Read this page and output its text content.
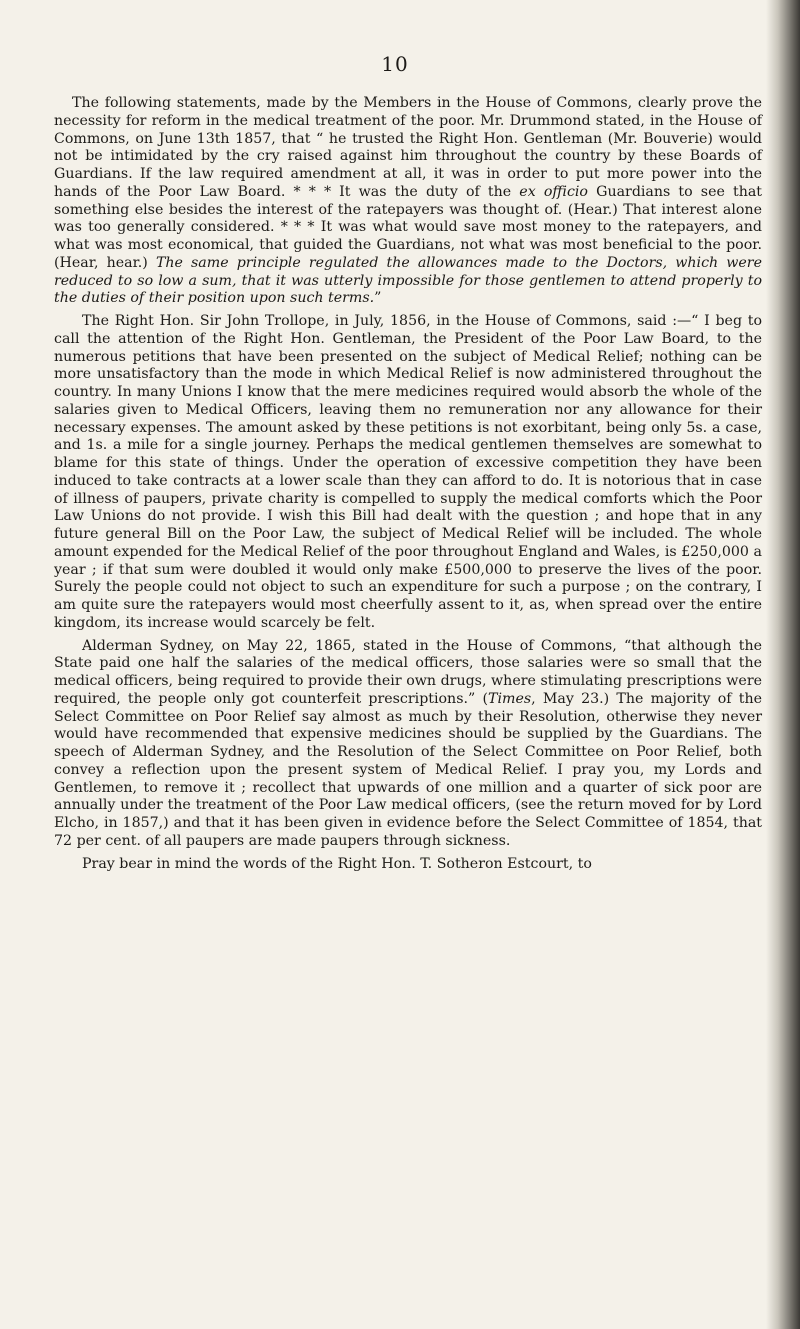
10

The following statements, made by the Members in the House of Commons, clearly prove the necessity for reform in the medical treatment of the poor. Mr. Drummond stated, in the House of Commons, on June 13th 1857, that “ he trusted the Right Hon. Gentleman (Mr. Bouverie) would not be intimidated by the cry raised against him throughout the country by these Boards of Guardians. If the law required amendment at all, it was in order to put more power into the hands of the Poor Law Board. * * * It was the duty of the ex officio Guardians to see that something else besides the interest of the ratepayers was thought of. (Hear.) That interest alone was too generally considered. * * * It was what would save most money to the ratepayers, and what was most economical, that guided the Guardians, not what was most beneficial to the poor. (Hear, hear.) The same principle regulated the allowances made to the Doctors, which were reduced to so low a sum, that it was utterly impossible for those gentlemen to attend properly to the duties of their position upon such terms.”

The Right Hon. Sir John Trollope, in July, 1856, in the House of Commons, said :—“ I beg to call the attention of the Right Hon. Gentleman, the President of the Poor Law Board, to the numerous petitions that have been presented on the subject of Medical Relief; nothing can be more unsatisfactory than the mode in which Medical Relief is now administered throughout the country. In many Unions I know that the mere medicines required would absorb the whole of the salaries given to Medical Officers, leaving them no remuneration nor any allowance for their necessary expenses. The amount asked by these petitions is not exorbitant, being only 5s. a case, and 1s. a mile for a single journey. Perhaps the medical gentlemen themselves are somewhat to blame for this state of things. Under the operation of excessive competition they have been induced to take contracts at a lower scale than they can afford to do. It is notorious that in case of illness of paupers, private charity is compelled to supply the medical comforts which the Poor Law Unions do not provide. I wish this Bill had dealt with the question ; and hope that in any future general Bill on the Poor Law, the subject of Medical Relief will be included. The whole amount expended for the Medical Relief of the poor throughout England and Wales, is £250,000 a year ; if that sum were doubled it would only make £500,000 to preserve the lives of the poor. Surely the people could not object to such an expenditure for such a purpose ; on the contrary, I am quite sure the ratepayers would most cheerfully assent to it, as, when spread over the entire kingdom, its increase would scarcely be felt.

Alderman Sydney, on May 22, 1865, stated in the House of Commons, “that although the State paid one half the salaries of the medical officers, those salaries were so small that the medical officers, being required to provide their own drugs, where stimulating prescriptions were required, the people only got counterfeit prescriptions.” (Times, May 23.) The majority of the Select Committee on Poor Relief say almost as much by their Resolution, otherwise they never would have recommended that expensive medicines should be supplied by the Guardians. The speech of Alderman Sydney, and the Resolution of the Select Committee on Poor Relief, both convey a reflection upon the present system of Medical Relief. I pray you, my Lords and Gentlemen, to remove it ; recollect that upwards of one million and a quarter of sick poor are annually under the treatment of the Poor Law medical officers, (see the return moved for by Lord Elcho, in 1857,) and that it has been given in evidence before the Select Committee of 1854, that 72 per cent. of all paupers are made paupers through sickness.

Pray bear in mind the words of the Right Hon. T. Sotheron Estcourt, to
